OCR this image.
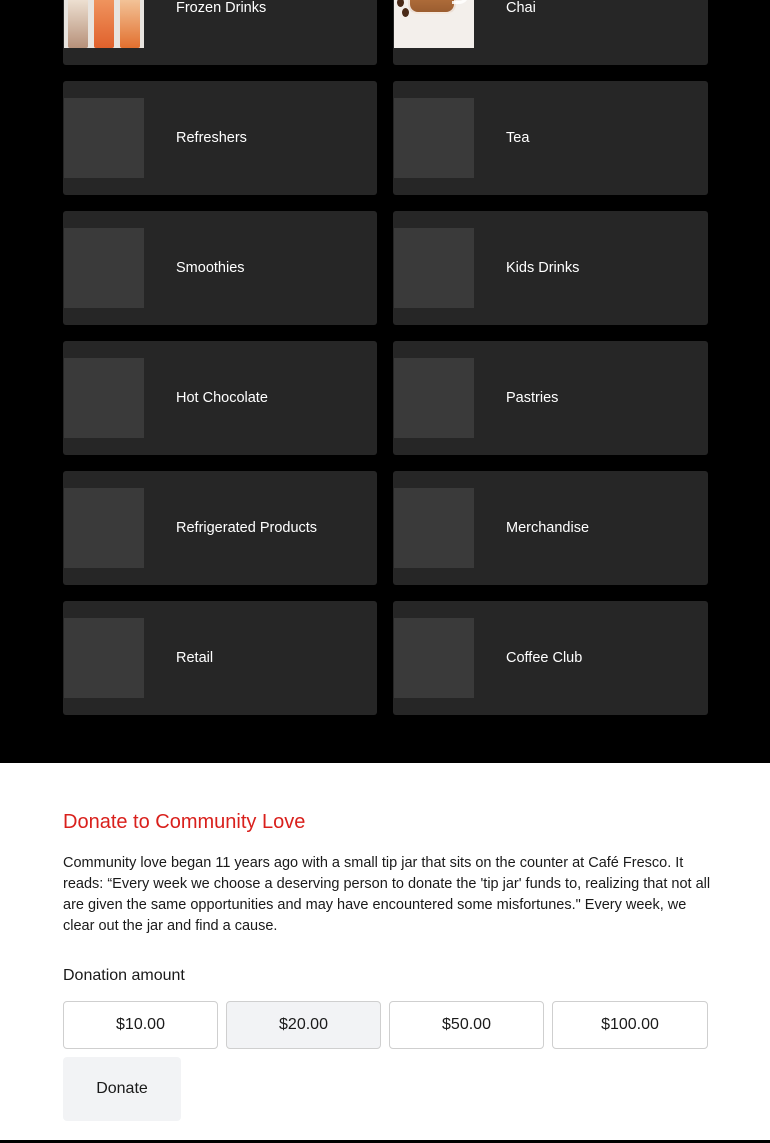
Frozen Drinks	Chai
Refreshers	Tea
Smoothies	Kids Drinks
Hot Chocolate	Pastries
Refrigerated Products	Merchandise
Retail	Coffee Club
Donate to Community Love

Community love began 11 years ago with a small tip jar that sits on the counter at Café Fresco. It reads: “Every week we choose a deserving person to donate the 'tip jar' funds to, realizing that not all are given the same opportunities and may have encountered some misfortunes." Every week, we clear out the jar and find a cause.

Donation amount
$10.00	$20.00	$50.00	$100.00
Donate
